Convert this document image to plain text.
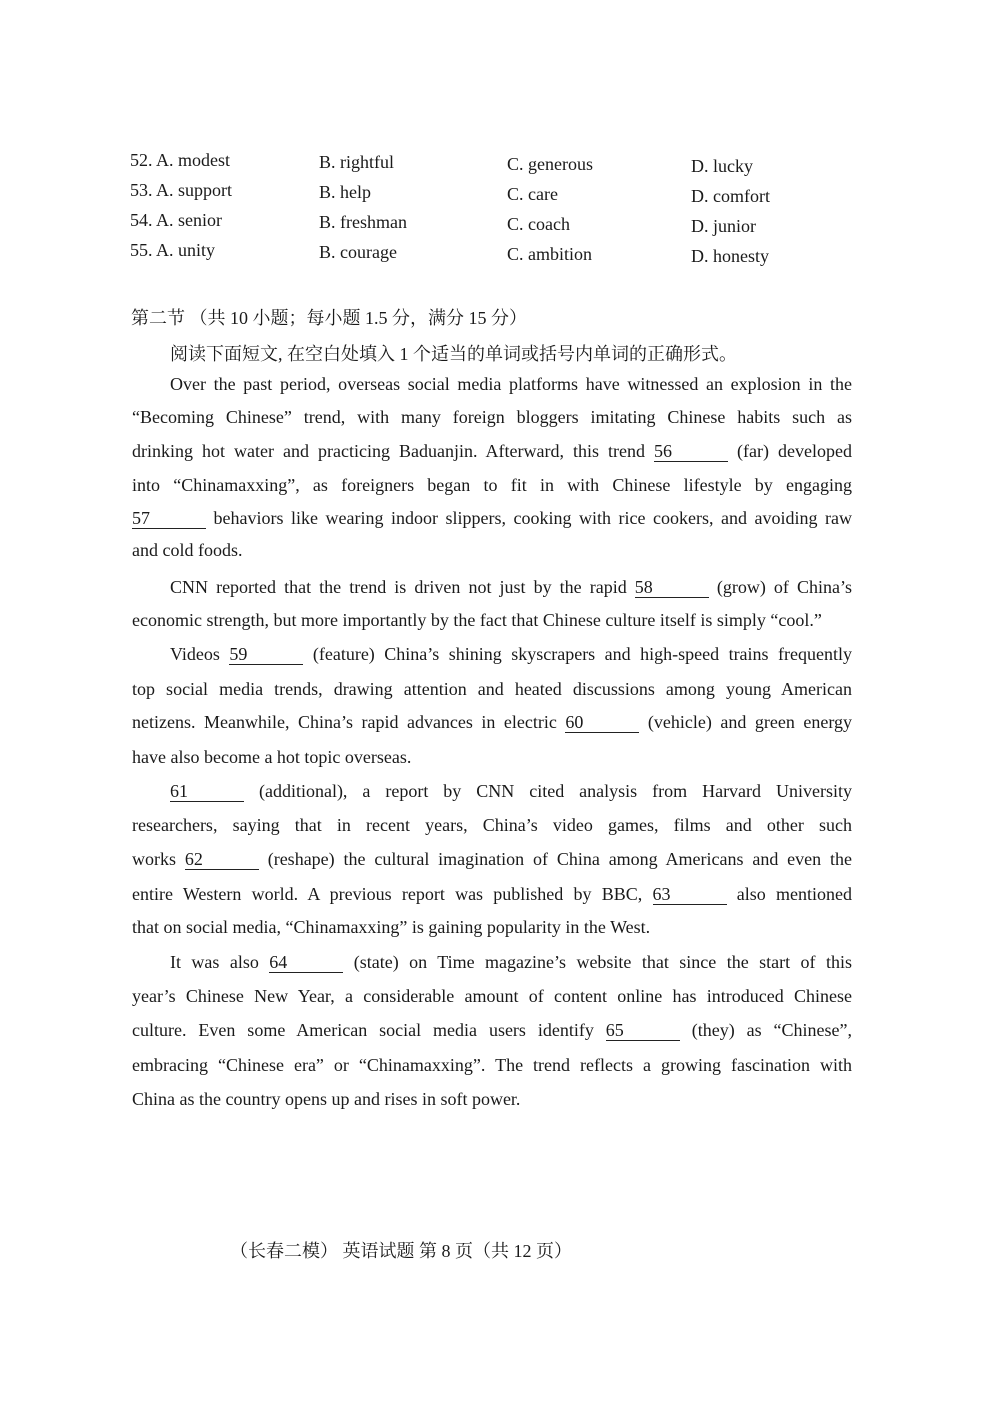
52. A. modest	B. rightful	C. generous	D. lucky
53. A. support	B. help	C. care	D. comfort
54. A. senior	B. freshman	C. coach	D. junior
55. A. unity	B. courage	C. ambition	D. honesty
第二节 （共 10 小题；每小题 1.5 分，满分 15 分）
阅读下面短文, 在空白处填入 1 个适当的单词或括号内单词的正确形式。
Over the past period, overseas social media platforms have witnessed an explosion in the
“Becoming Chinese” trend, with many foreign bloggers imitating Chinese habits such as
drinking hot water and practicing Baduanjin. Afterward, this trend 56	(far) developed
into “Chinamaxxing”, as foreigners began to fit in with Chinese lifestyle by engaging
57	behaviors like wearing indoor slippers, cooking with rice cookers, and avoiding raw
and cold foods.
CNN reported that the trend is driven not just by the rapid 58	(grow) of China’s
economic strength, but more importantly by the fact that Chinese culture itself is simply “cool.”
Videos 59	(feature) China’s shining skyscrapers and high-speed trains frequently
top social media trends, drawing attention and heated discussions among young American
netizens. Meanwhile, China’s rapid advances in electric 60	(vehicle) and green energy
have also become a hot topic overseas.
61	(additional), a report by CNN cited analysis from Harvard University
researchers, saying that in recent years, China’s video games, films and other such
works 62	(reshape) the cultural imagination of China among Americans and even the
entire Western world. A previous report was published by BBC, 63	also mentioned
that on social media, “Chinamaxxing” is gaining popularity in the West.
It was also 64	(state) on Time magazine’s website that since the start of this
year’s Chinese New Year, a considerable amount of content online has introduced Chinese
culture. Even some American social media users identify 65	(they) as “Chinese”,
embracing “Chinese era” or “Chinamaxxing”. The trend reflects a growing fascination with
China as the country opens up and rises in soft power.
（长春二模） 英语试题 第 8 页（共 12 页）
